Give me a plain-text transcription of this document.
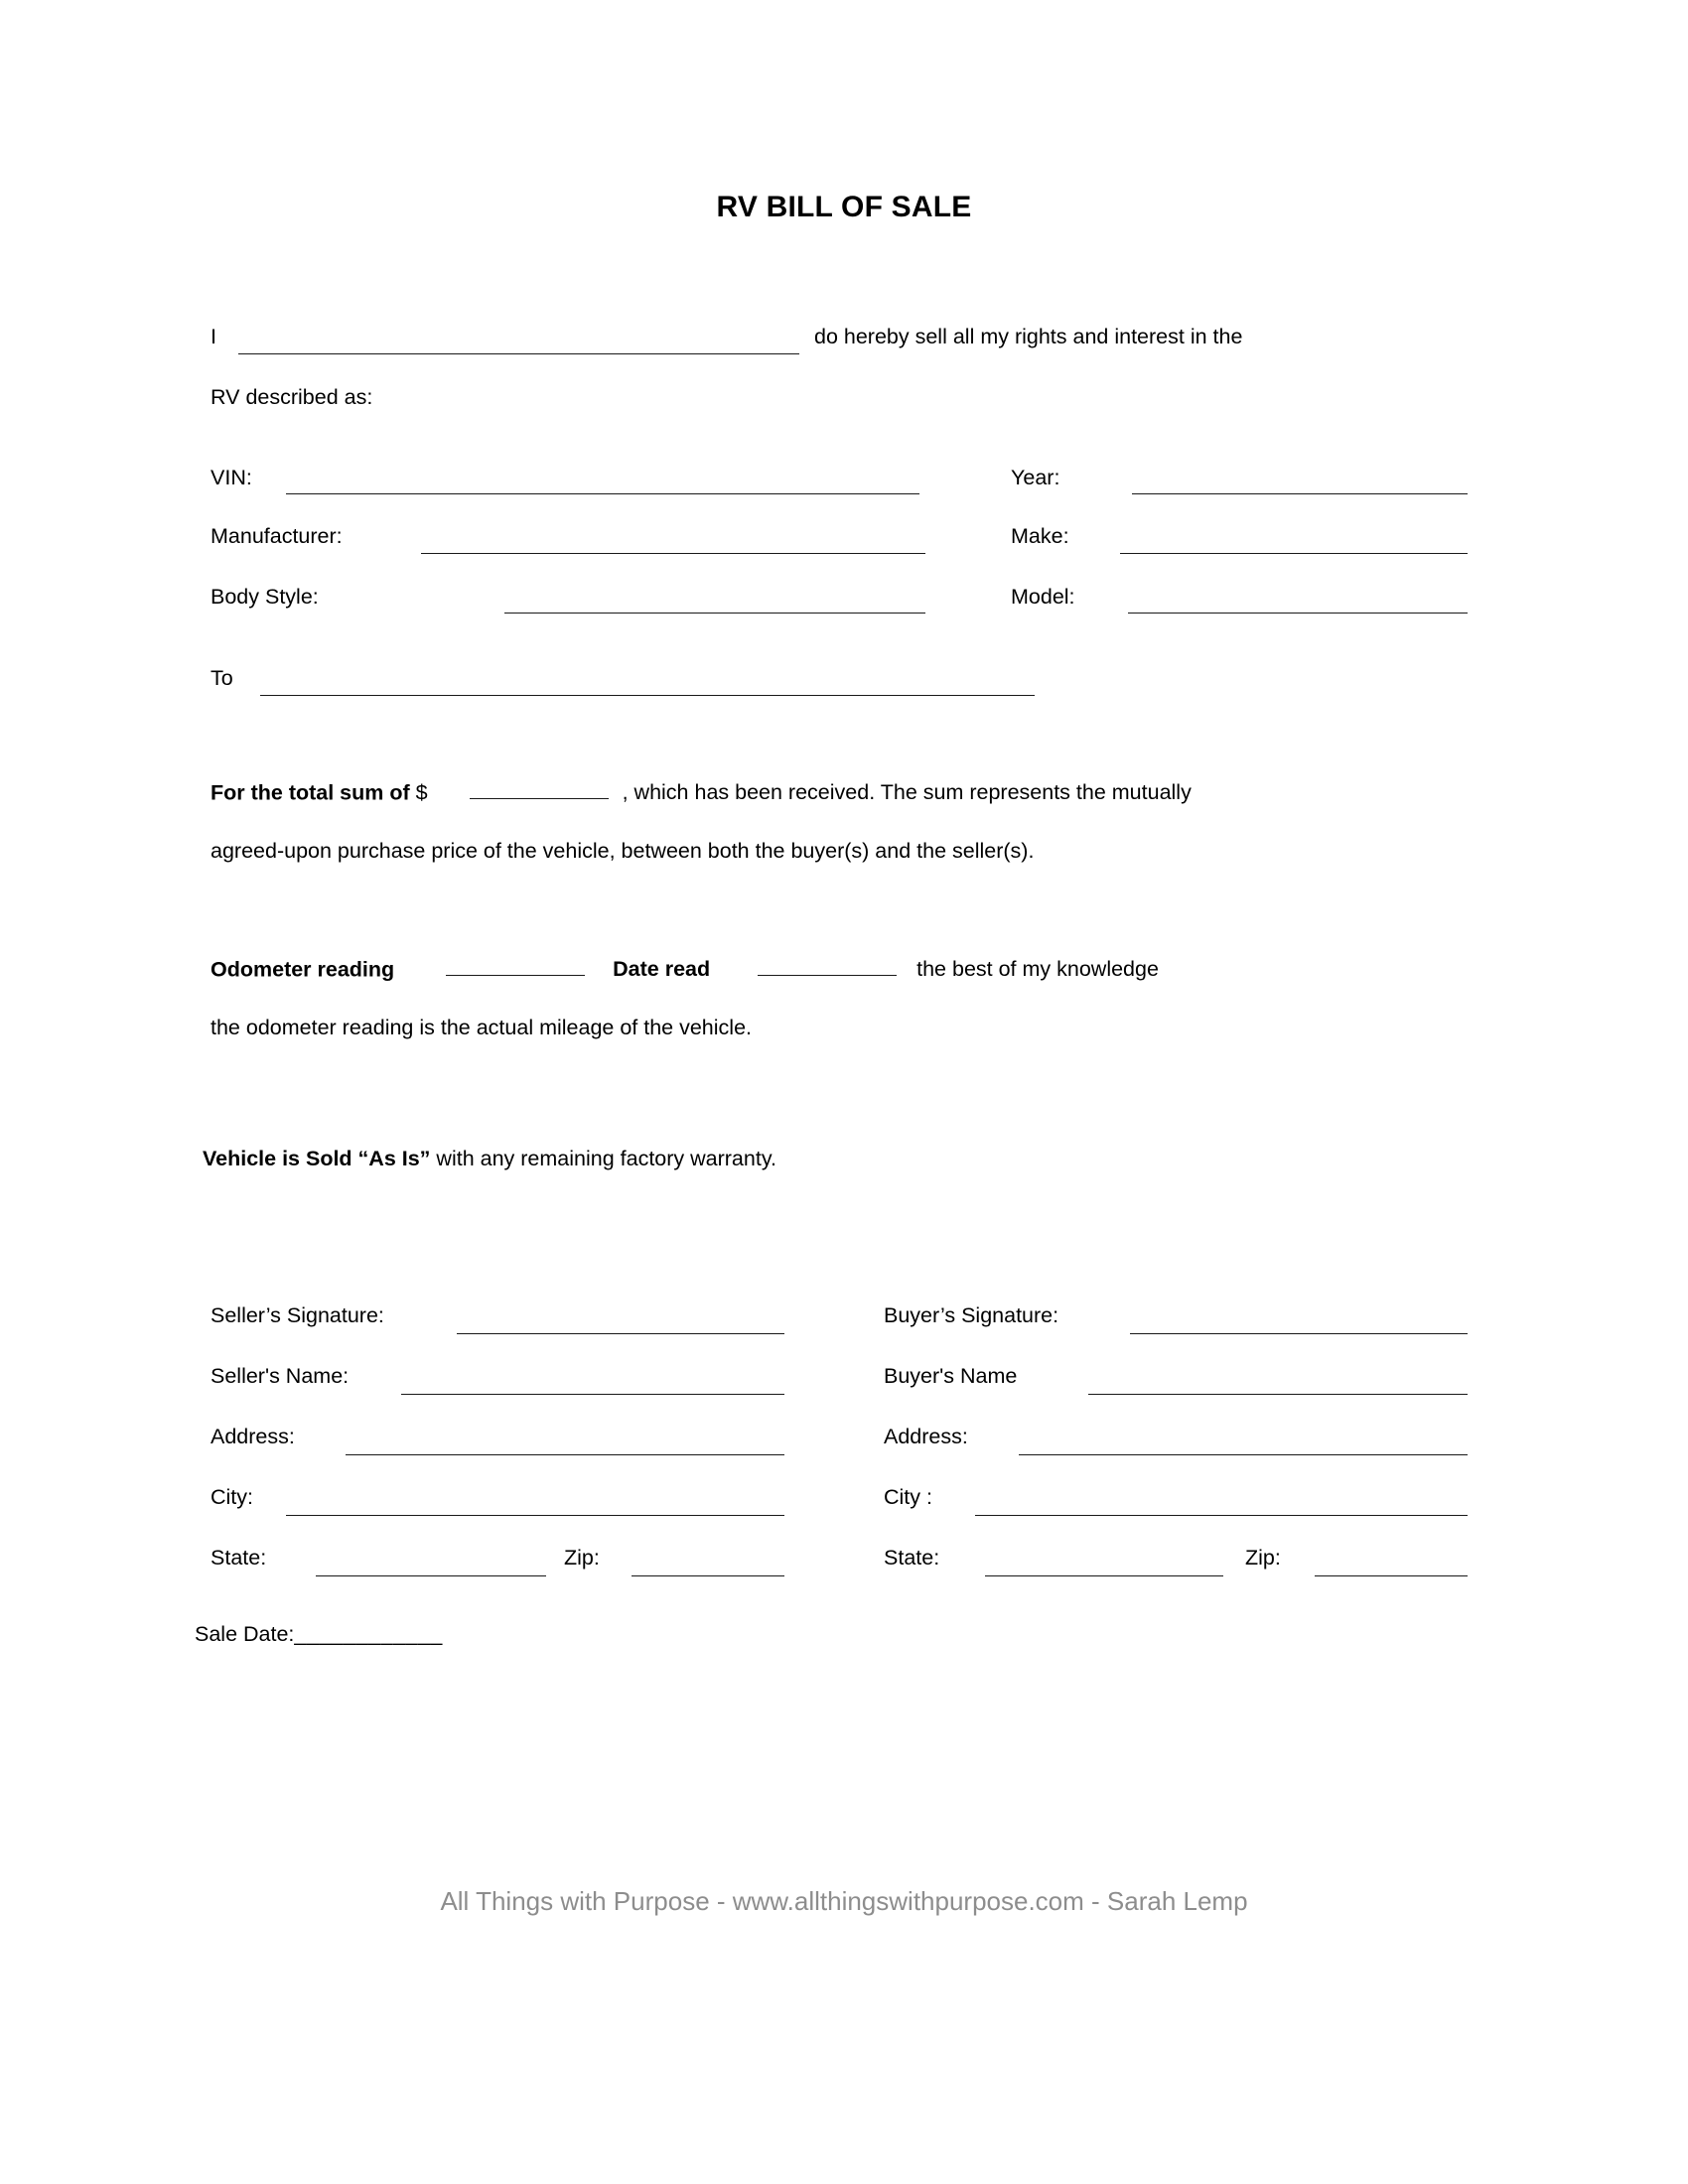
RV BILL OF SALE
I	do hereby sell all my rights and interest in the
RV described as:
VIN:	Year:
Manufacturer:	Make:
Body Style:	Model:
To
For the total sum of $	, which has been received. The sum represents the mutually
agreed-upon purchase price of the vehicle, between both the buyer(s) and the seller(s).
Odometer reading	Date read	the best of my knowledge
the odometer reading is the actual mileage of the vehicle.
Vehicle is Sold “As Is” with any remaining factory warranty.
Seller’s Signature:
Seller's Name:
Address:
City:
State:	Zip:
Buyer’s Signature:
Buyer's Name
Address:
City :
State:	Zip:
Sale Date:____________
All Things with Purpose - www.allthingswithpurpose.com - Sarah Lemp
